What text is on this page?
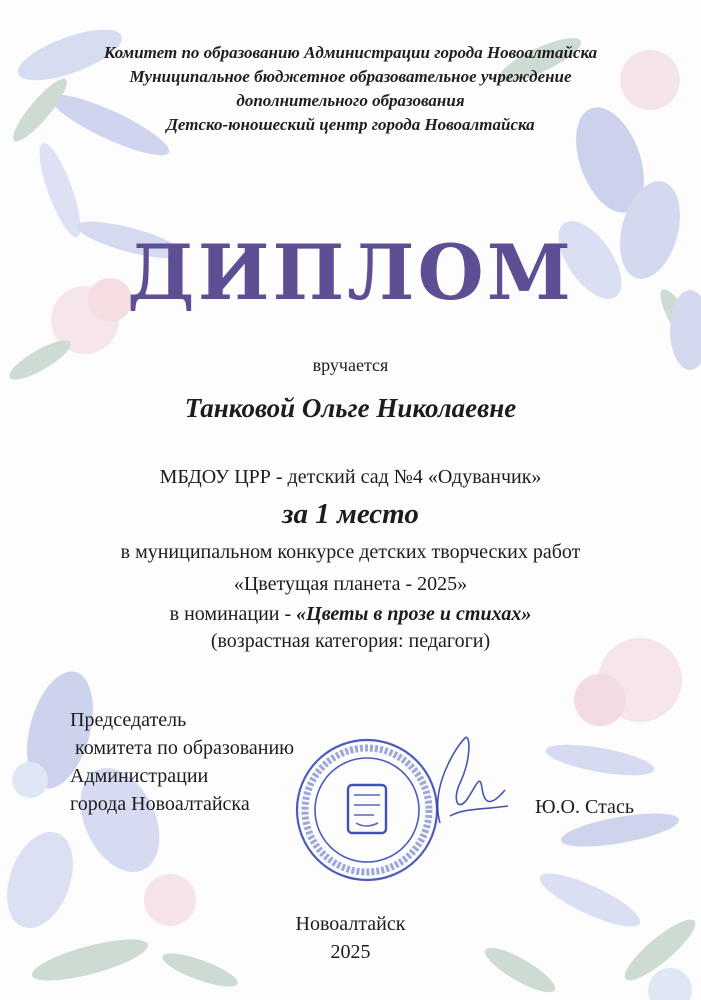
Комитет по образованию Администрации города Новоалтайска
Муниципальное бюджетное образовательное учреждение
дополнительного образования
Детско-юношеский центр города Новоалтайска
ДИПЛОМ
вручается
Танковой Ольге Николаевне
МБДОУ ЦРР - детский сад №4 «Одуванчик»
за 1 место
в муниципальном конкурсе детских творческих работ
«Цветущая планета - 2025»
в номинации - «Цветы в прозе и стихах»
(возрастная категория: педагоги)
Председатель
комитета по образованию
Администрации
города Новоалтайска	Ю.О. Стась
Новоалтайск
2025
